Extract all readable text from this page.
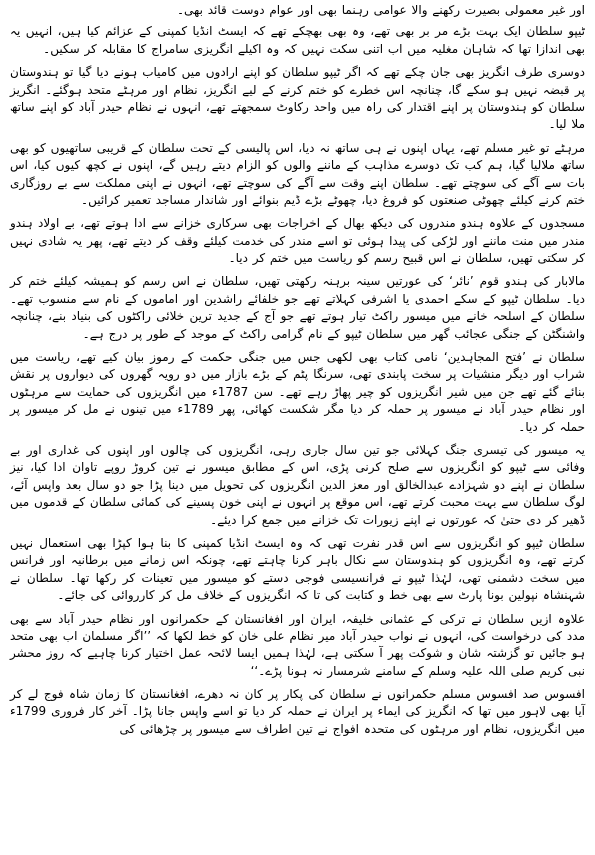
اور غیر معمولی بصیرت رکھنے والا عوامی رہنما بھی اور عوام دوست قائد بھی۔

ٹیپو سلطان ایک بہت بڑے مر بر بھی تھے، وہ بھی بھچکے تھے کہ ایسٹ انڈیا کمپنی کے عزائم کیا ہیں، انہیں یہ بھی اندازا تھا کہ شاہان مغلیہ میں اب اتنی سکت نہیں کہ وہ اکیلے انگریزی سامراج کا مقابلہ کر سکیں۔

دوسری طرف انگریز بھی جان چکے تھے کہ اگر ٹیپو سلطان کو اپنے ارادوں میں کامیاب ہونے دیا گیا تو ہندوستان پر قبضہ نہیں ہو سکے گا، چنانچہ اس خطرے کو ختم کرنے کے لیے انگریز، نظام اور مرہٹے متحد ہوگئے۔ انگریز سلطان کو ہندوستان پر اپنے اقتدار کی راہ میں واحد رکاوٹ سمجھتے تھے، انہوں نے نظام حیدر آباد کو اپنے ساتھ ملا لیا۔

مرہٹے تو غیر مسلم تھے، یہاں اپنوں نے ہی ساتھ نہ دیا، اس پالیسی کے تحت سلطان کے قریبی ساتھیوں کو بھی ساتھ ملالیا گیا، ہم کب تک دوسرے مذاہب کے ماننے والوں کو الزام دیتے رہیں گے، اپنوں نے کچھ کیوں کیا، اس بات سے آگے کی سوچتے تھے۔ سلطان اپنے وقت سے آگے کی سوچتے تھے، انہوں نے اپنی مملکت سے بے روزگاری ختم کرنے کیلئے چھوٹی صنعتوں کو فروغ دیا، چھوٹے بڑے ڈیم بنوائے اور شاندار مساجد تعمیر کرائیں۔

مسجدوں کے علاوہ ہندو مندروں کی دیکھ بھال کے اخراجات بھی سرکاری خزانے سے ادا ہوتے تھے، بے اولاد ہندو مندر میں منت ماننے اور لڑکی کی پیدا ہوئی تو اسے مندر کی خدمت کیلئے وقف کر دیتے تھے، پھر یہ شادی نہیں کر سکتی تھیں، سلطان نے اس قبیح رسم کو ریاست میں ختم کر دیا۔

مالابار کی ہندو قوم ’نائر‘ کی عورتیں سینہ برہنہ رکھتی تھیں، سلطان نے اس رسم کو ہمیشہ کیلئے ختم کر دیا۔ سلطان ٹیپو کے سکے احمدی یا اشرفی کہلاتے تھے جو خلفائے راشدین اور اماموں کے نام سے منسوب تھے۔ سلطان کے اسلحہ خانے میں میسور راکٹ تیار ہوتے تھے جو آج کے جدید ترین خلائی راکٹوں کی بنیاد بنے، چنانچہ واشنگٹن کے جنگی عجائب گھر میں سلطان ٹیپو کے نام گرامی راکٹ کے موجد کے طور پر درج ہے۔

سلطان نے ’فتح المجاہدین‘ نامی کتاب بھی لکھی جس میں جنگی حکمت کے رموز بیان کیے تھے، ریاست میں شراب اور دیگر منشیات پر سخت پابندی تھی، سرنگا پٹم کے بڑے بازار میں دو رویہ گھروں کی دیواروں پر نقش بنائے گئے تھے جن میں شیر انگریزوں کو چیر پھاڑ رہے تھے۔ سن 1787ء میں انگریزوں کی حمایت سے مرہٹوں اور نظام حیدر آباد نے میسور پر حملہ کر دیا مگر شکست کھائی، پھر 1789ء میں تینوں نے مل کر میسور پر حملہ کر دیا۔

یہ میسور کی تیسری جنگ کہلائی جو تین سال جاری رہی، انگریزوں کی چالوں اور اپنوں کی غداری اور بے وفائی سے ٹیپو کو انگریزوں سے صلح کرنی پڑی، اس کے مطابق میسور نے تین کروڑ روپے تاوان ادا کیا، نیز سلطان نے اپنے دو شہزادے عبدالخالق اور معز الدین انگریزوں کی تحویل میں دینا پڑا جو دو سال بعد واپس آئے، لوگ سلطان سے بہت محبت کرتے تھے، اس موقع پر انہوں نے اپنی خون پسینے کی کمائی سلطان کے قدموں میں ڈھیر کر دی حتیٰ کہ عورتوں نے اپنے زیورات تک خزانے میں جمع کرا دیئے۔

سلطان ٹیپو کو انگریزوں سے اس قدر نفرت تھی کہ وہ ایسٹ انڈیا کمپنی کا بنا ہوا کپڑا بھی استعمال نہیں کرتے تھے، وہ انگریزوں کو ہندوستان سے نکال باہر کرنا چاہتے تھے، چونکہ اس زمانے میں برطانیہ اور فرانس میں سخت دشمنی تھی، لہٰذا ٹیپو نے فرانسیسی فوجی دستے کو میسور میں تعینات کر رکھا تھا۔ سلطان نے شہنشاہ نپولین بونا پارٹ سے بھی خط و کتابت کی تا کہ انگریزوں کے خلاف مل کر کارروائی کی جائے۔

علاوہ ازیں سلطان نے ترکی کے عثمانی خلیفہ، ایران اور افغانستان کے حکمرانوں اور نظام حیدر آباد سے بھی مدد کی درخواست کی، انہوں نے نواب حیدر آباد میر نظام علی خان کو خط لکھا کہ ’’اگر مسلمان اب بھی متحد ہو جائیں تو گزشتہ شان و شوکت پھر آ سکتی ہے، لہٰذا ہمیں ایسا لائحہ عمل اختیار کرنا چاہیے کہ روز محشر نبی کریم صلی اللہ علیہ وسلم کے سامنے شرمسار نہ ہونا پڑے۔‘‘

افسوس صد افسوس مسلم حکمرانوں نے سلطان کی پکار پر کان نہ دھرے، افغانستان کا زمان شاہ فوج لے کر آیا بھی لاہور میں تھا کہ انگریز کی ایماء پر ایران نے حملہ کر دیا تو اسے واپس جانا پڑا۔ آخر کار فروری 1799ء میں انگریزوں، نظام اور مرہٹوں کی متحدہ افواج نے تین اطراف سے میسور پر چڑھائی کی
